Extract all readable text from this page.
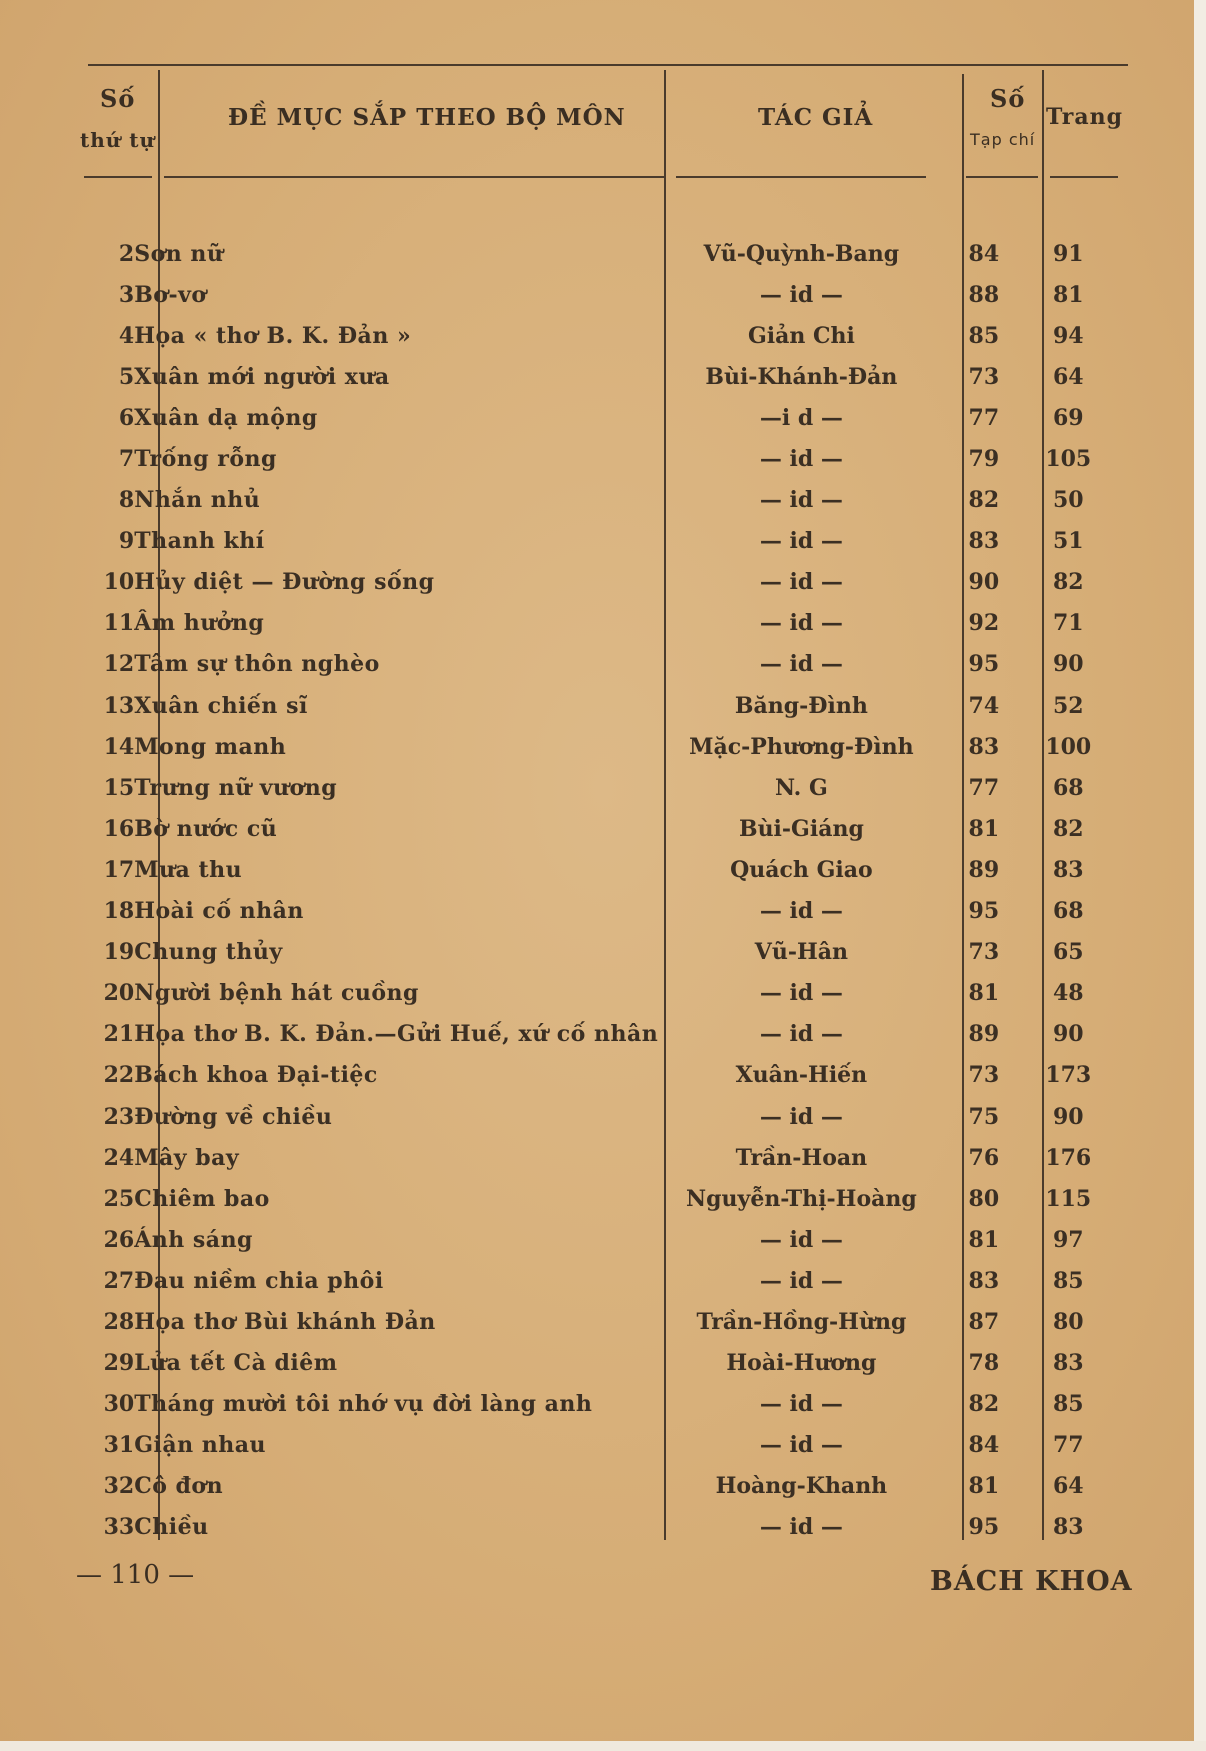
Số
thứ tự
ĐỀ MỤC SẮP THEO BỘ MÔN	TÁC GIẢ
Số
Tạp chí
Trang
2	Sơn nữ	Vũ-Quỳnh-Bang	84	91
3	Bơ-vơ	— id —	88	81
4	Họa « thơ B. K. Đản »	Giản Chi	85	94
5	Xuân mới người xưa	Bùi-Khánh-Đản	73	64
6	Xuân dạ mộng	—i d —	77	69
7	Trống rỗng	— id —	79	105
8	Nhắn nhủ	— id —	82	50
9	Thanh khí	— id —	83	51
10	Hủy diệt — Đường sống	— id —	90	82
11	Âm hưởng	— id —	92	71
12	Tâm sự thôn nghèo	— id —	95	90
13	Xuân chiến sĩ	Băng-Đình	74	52
14	Mong manh	Mặc-Phương-Đình	83	100
15	Trưng nữ vương	N. G	77	68
16	Bờ nước cũ	Bùi-Giáng	81	82
17	Mưa thu	Quách Giao	89	83
18	Hoài cố nhân	— id —	95	68
19	Chung thủy	Vũ-Hân	73	65
20	Người bệnh hát cuồng	— id —	81	48
21	Họa thơ B. K. Đản.—Gửi Huế, xứ cố nhân	— id —	89	90
22	Bách khoa Đại-tiệc	Xuân-Hiến	73	173
23	Đường về chiều	— id —	75	90
24	Mây bay	Trần-Hoan	76	176
25	Chiêm bao	Nguyễn-Thị-Hoàng	80	115
26	Ánh sáng	— id —	81	97
27	Đau niềm chia phôi	— id —	83	85
28	Họa thơ Bùi khánh Đản	Trần-Hồng-Hừng	87	80
29	Lửa tết Cà diêm	Hoài-Hương	78	83
30	Tháng mười tôi nhớ vụ đời làng anh	— id —	82	85
31	Giận nhau	— id —	84	77
32	Cô đơn	Hoàng-Khanh	81	64
33	Chiều	— id —	95	83
— 110 —	BÁCH KHOA
